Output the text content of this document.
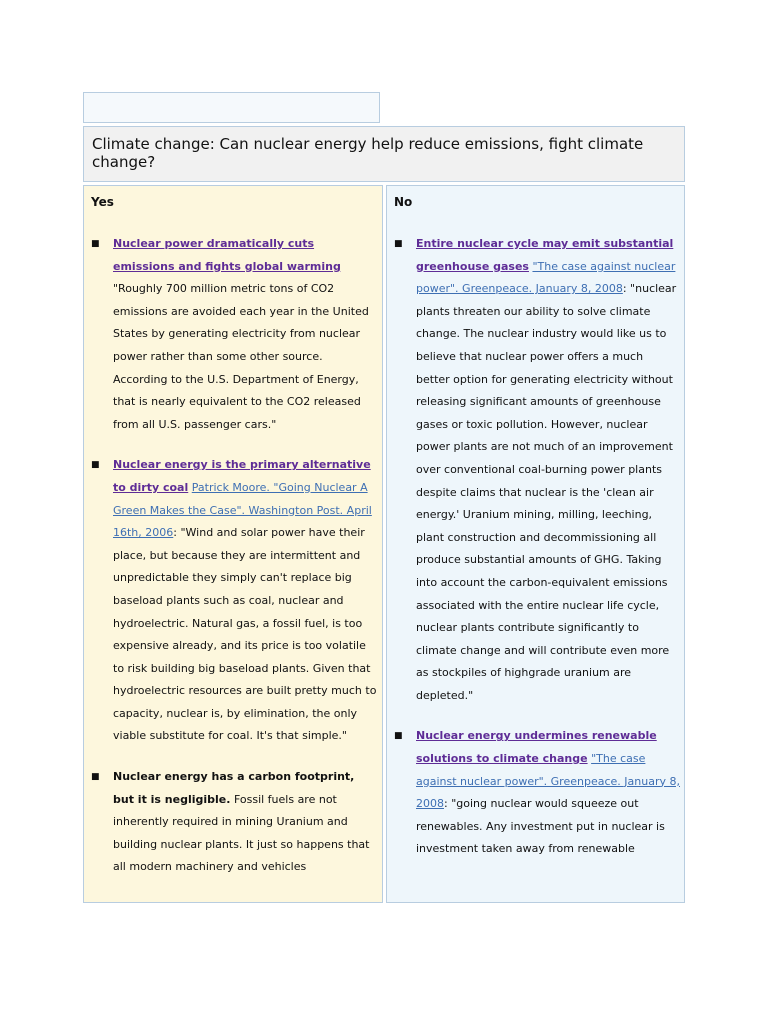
Climate change: Can nuclear energy help reduce emissions, fight climate change?

Yes

■ Nuclear power dramatically cuts emissions and fights global warming "Roughly 700 million metric tons of CO2 emissions are avoided each year in the United States by generating electricity from nuclear power rather than some other source. According to the U.S. Department of Energy, that is nearly equivalent to the CO2 released from all U.S. passenger cars."
■ Nuclear energy is the primary alternative to dirty coal Patrick Moore. "Going Nuclear A Green Makes the Case". Washington Post. April 16th, 2006: "Wind and solar power have their place, but because they are intermittent and unpredictable they simply can't replace big baseload plants such as coal, nuclear and hydroelectric. Natural gas, a fossil fuel, is too expensive already, and its price is too volatile to risk building big baseload plants. Given that hydroelectric resources are built pretty much to capacity, nuclear is, by elimination, the only viable substitute for coal. It's that simple."
■ Nuclear energy has a carbon footprint, but it is negligible. Fossil fuels are not inherently required in mining Uranium and building nuclear plants. It just so happens that all modern machinery and vehicles

No

■ Entire nuclear cycle may emit substantial greenhouse gases "The case against nuclear power". Greenpeace. January 8, 2008: "nuclear plants threaten our ability to solve climate change. The nuclear industry would like us to believe that nuclear power offers a much better option for generating electricity without releasing significant amounts of greenhouse gases or toxic pollution. However, nuclear power plants are not much of an improvement over conventional coal-burning power plants despite claims that nuclear is the 'clean air energy.' Uranium mining, milling, leeching, plant construction and decommissioning all produce substantial amounts of GHG. Taking into account the carbon-equivalent emissions associated with the entire nuclear life cycle, nuclear plants contribute significantly to climate change and will contribute even more as stockpiles of highgrade uranium are depleted."
■ Nuclear energy undermines renewable solutions to climate change "The case against nuclear power". Greenpeace. January 8, 2008: "going nuclear would squeeze out renewables. Any investment put in nuclear is investment taken away from renewable
